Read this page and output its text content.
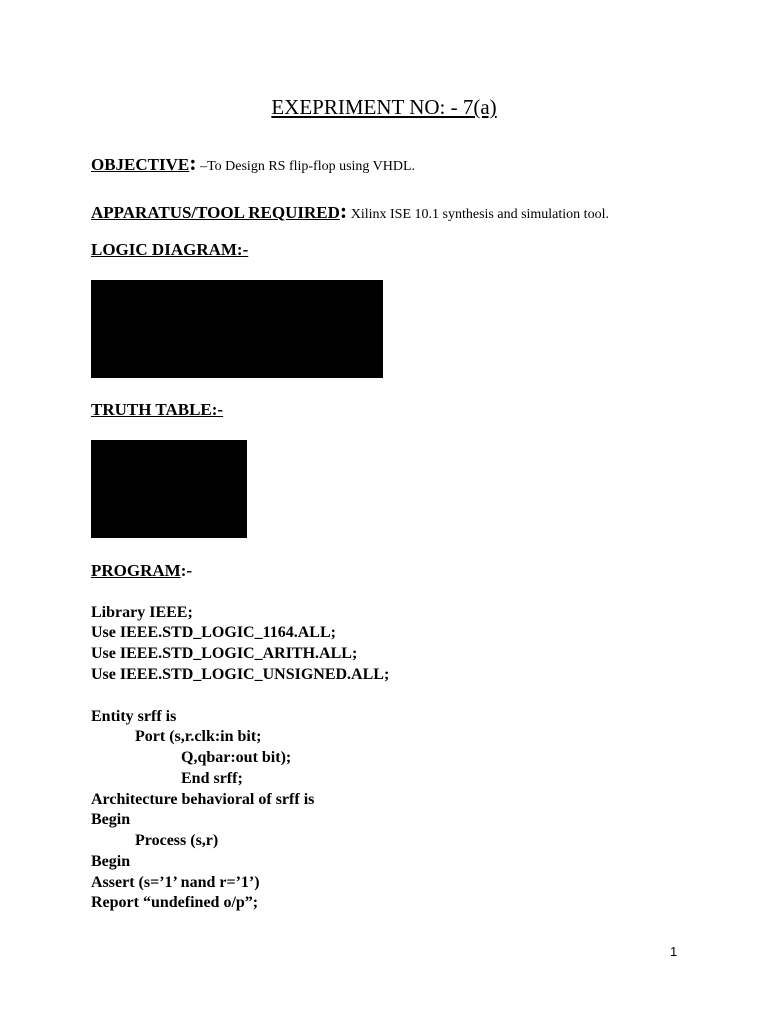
EXEPRIMENT NO: - 7(a)
OBJECTIVE: –To Design RS flip-flop using VHDL.
APPARATUS/TOOL REQUIRED: Xilinx ISE 10.1 synthesis and simulation tool.
LOGIC DIAGRAM:-
TRUTH TABLE:-
PROGRAM:-
Library IEEE;
Use IEEE.STD_LOGIC_1164.ALL;
Use IEEE.STD_LOGIC_ARITH.ALL;
Use IEEE.STD_LOGIC_UNSIGNED.ALL;
Entity srff is
Port (s,r.clk:in bit;
Q,qbar:out bit);
End srff;
Architecture behavioral of srff is
Begin
Process (s,r)
Begin
Assert (s=’1’ nand r=’1’)
Report “undefined o/p”;
1
